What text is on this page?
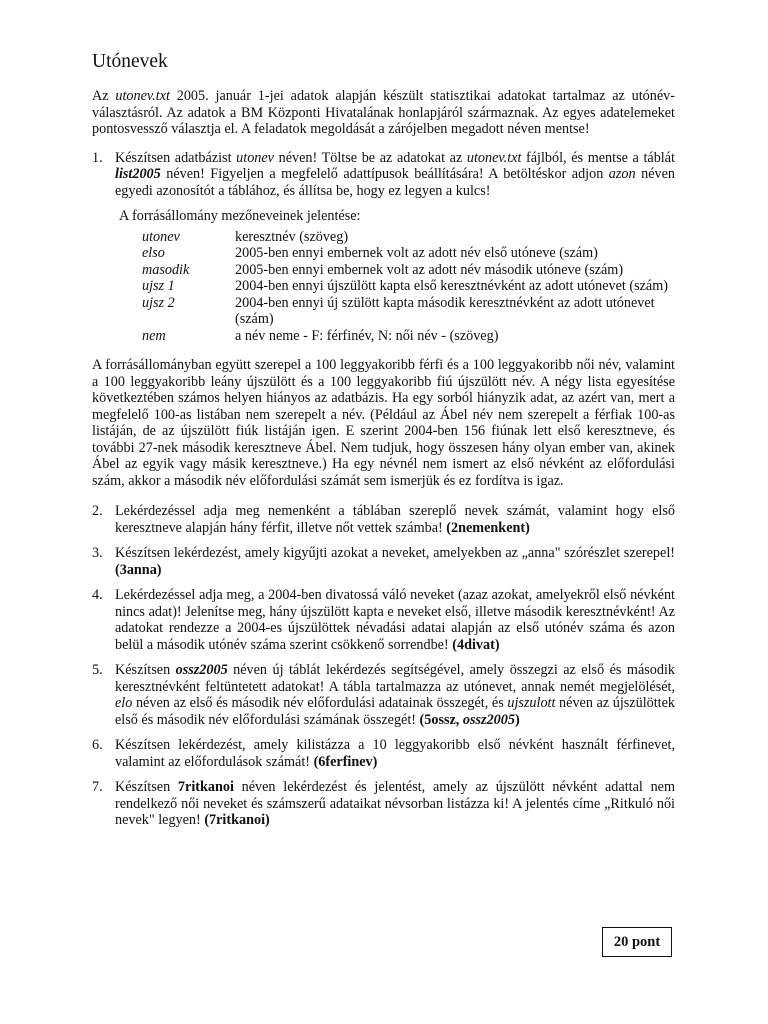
Utónevek

Az utonev.txt 2005. január 1-jei adatok alapján készült statisztikai adatokat tartalmaz az utónév-választásról. Az adatok a BM Központi Hivatalának honlapjáról származnak. Az egyes adatelemeket pontosvessző választja el. A feladatok megoldását a zárójelben megadott néven mentse!

1. Készítsen adatbázist utonev néven! Töltse be az adatokat az utonev.txt fájlból, és mentse a táblát list2005 néven! Figyeljen a megfelelő adattípusok beállítására! A betöltéskor adjon azon néven egyedi azonosítót a táblához, és állítsa be, hogy ez legyen a kulcs!
A forrásállomány mezőneveinek jelentése:
utonev	keresztnév (szöveg)
elso	2005-ben ennyi embernek volt az adott név első utóneve (szám)
masodik	2005-ben ennyi embernek volt az adott név második utóneve (szám)
ujsz 1	2004-ben ennyi újszülött kapta első keresztnévként az adott utónevet (szám)
ujsz 2	2004-ben ennyi új szülött kapta második keresztnévként az adott utónevet (szám)
nem	a név neme - F: férfinév, N: női név - (szöveg)

A forrásállományban együtt szerepel a 100 leggyakoribb férfi és a 100 leggyakoribb női név, valamint a 100 leggyakoribb leány újszülött és a 100 leggyakoribb fiú újszülött név. A négy lista egyesítése következtében számos helyen hiányos az adatbázis. Ha egy sorból hiányzik adat, az azért van, mert a megfelelő 100-as listában nem szerepelt a név. (Például az Ábel név nem szerepelt a férfiak 100-as listáján, de az újszülött fiúk listáján igen. E szerint 2004-ben 156 fiúnak lett első keresztneve, és további 27-nek második keresztneve Ábel. Nem tudjuk, hogy összesen hány olyan ember van, akinek Ábel az egyik vagy másik keresztneve.) Ha egy névnél nem ismert az első névként az előfordulási szám, akkor a második név előfordulási számát sem ismerjük és ez fordítva is igaz.

2. Lekérdezéssel adja meg nemenként a táblában szereplő nevek számát, valamint hogy első keresztneve alapján hány férfit, illetve nőt vettek számba! (2nemenkent)
3. Készítsen lekérdezést, amely kigyűjti azokat a neveket, amelyekben az „anna" szórészlet szerepel! (3anna)
4. Lekérdezéssel adja meg, a 2004-ben divatossá váló neveket (azaz azokat, amelyekről első névként nincs adat)! Jelenítse meg, hány újszülött kapta e neveket első, illetve második keresztnévként! Az adatokat rendezze a 2004-es újszülöttek névadási adatai alapján az első utónév száma és azon belül a második utónév száma szerint csökkenő sorrendbe! (4divat)
5. Készítsen ossz2005 néven új táblát lekérdezés segítségével, amely összegzi az első és második keresztnévként feltüntetett adatokat! A tábla tartalmazza az utónevet, annak nemét megjelölését, elo néven az első és második név előfordulási adatainak összegét, és ujszulott néven az újszülöttek első és második név előfordulási számának összegét! (5ossz, ossz2005)
6. Készítsen lekérdezést, amely kilistázza a 10 leggyakoribb első névként használt férfinevet, valamint az előfordulások számát! (6ferfinev)
7. Készítsen 7ritkanoi néven lekérdezést és jelentést, amely az újszülött névként adattal nem rendelkező női neveket és számszerű adataikat névsorban listázza ki! A jelentés címe „Ritkuló női nevek" legyen! (7ritkanoi)
20 pont
